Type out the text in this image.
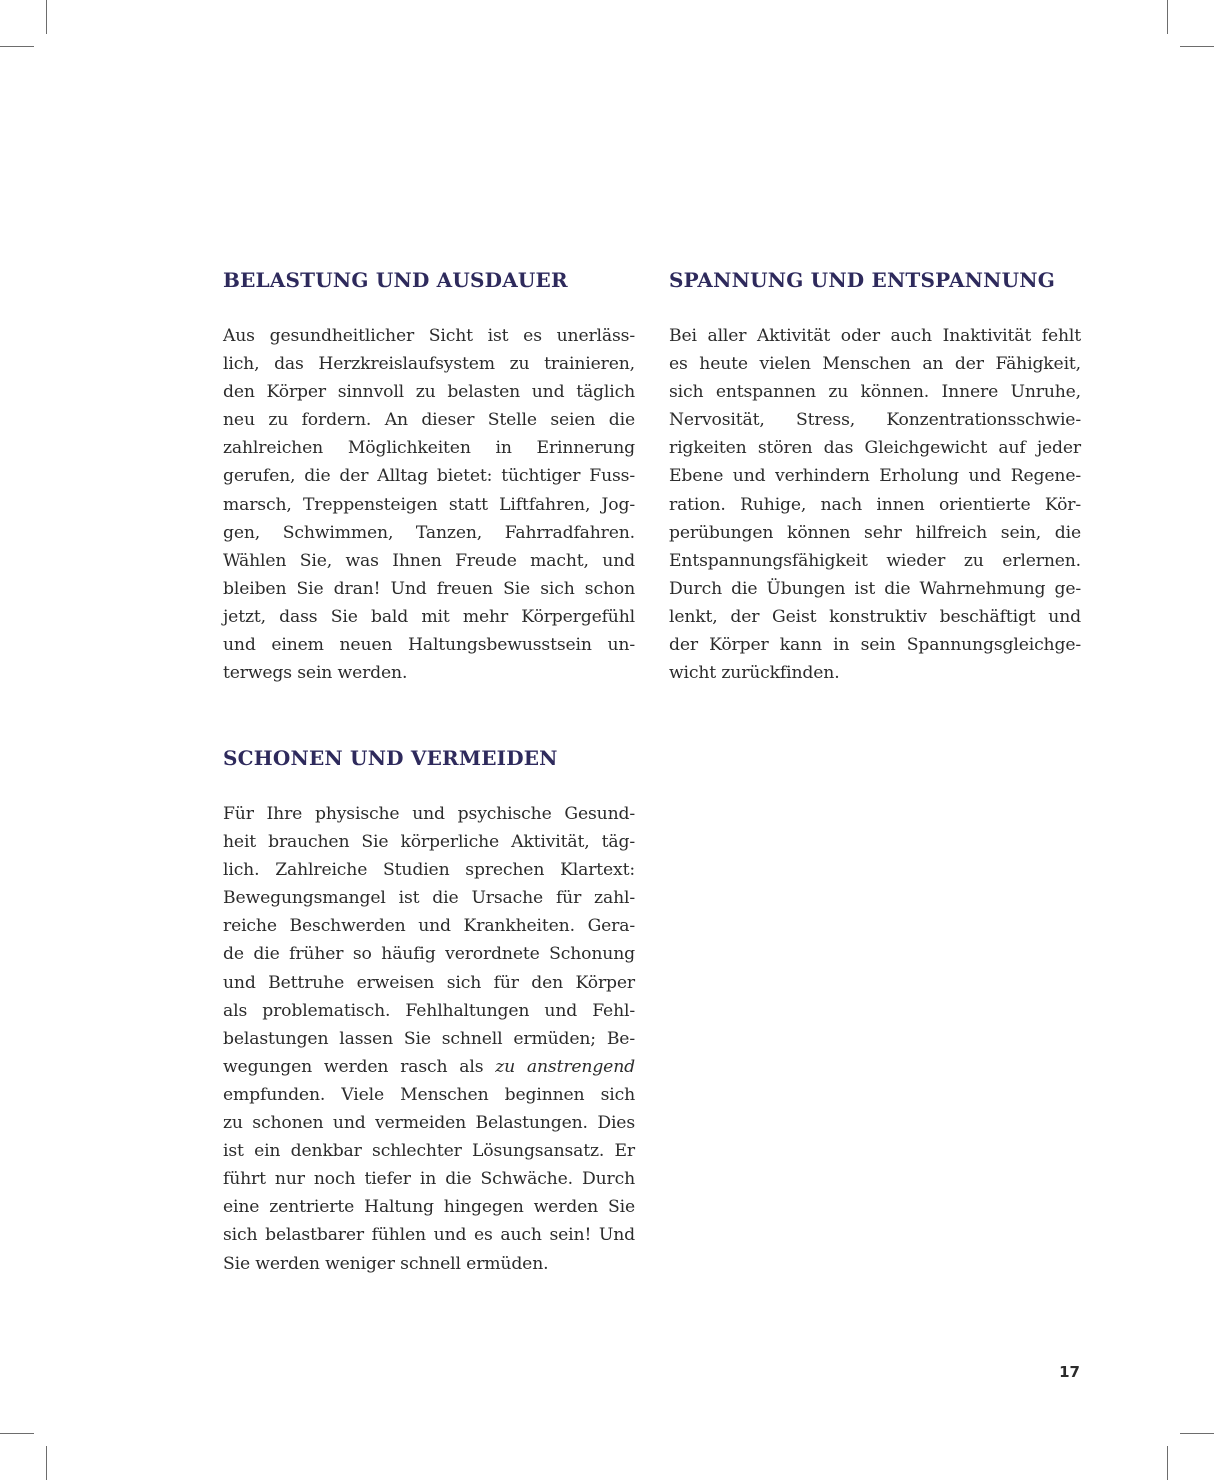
BELASTUNG UND AUSDAUER

Aus gesundheitlicher Sicht ist es unerläss-
lich, das Herzkreislaufsystem zu trainieren,
den Körper sinnvoll zu belasten und täglich
neu zu fordern. An dieser Stelle seien die
zahlreichen Möglichkeiten in Erinnerung
gerufen, die der Alltag bietet: tüchtiger Fuss-
marsch, Treppensteigen statt Liftfahren, Jog-
gen, Schwimmen, Tanzen, Fahrradfahren.
Wählen Sie, was Ihnen Freude macht, und
bleiben Sie dran! Und freuen Sie sich schon
jetzt, dass Sie bald mit mehr Körpergefühl
und einem neuen Haltungsbewusstsein un-
terwegs sein werden.

SPANNUNG UND ENTSPANNUNG

Bei aller Aktivität oder auch Inaktivität fehlt
es heute vielen Menschen an der Fähigkeit,
sich entspannen zu können. Innere Unruhe,
Nervosität, Stress, Konzentrationsschwie-
rigkeiten stören das Gleichgewicht auf jeder
Ebene und verhindern Erholung und Regene-
ration. Ruhige, nach innen orientierte Kör-
perübungen können sehr hilfreich sein, die
Entspannungsfähigkeit wieder zu erlernen.
Durch die Übungen ist die Wahrnehmung ge-
lenkt, der Geist konstruktiv beschäftigt und
der Körper kann in sein Spannungsgleichge-
wicht zurückfinden.

SCHONEN UND VERMEIDEN

Für Ihre physische und psychische Gesund-
heit brauchen Sie körperliche Aktivität, täg-
lich. Zahlreiche Studien sprechen Klartext:
Bewegungsmangel ist die Ursache für zahl-
reiche Beschwerden und Krankheiten. Gera-
de die früher so häufig verordnete Schonung
und Bettruhe erweisen sich für den Körper
als problematisch. Fehlhaltungen und Fehl-
belastungen lassen Sie schnell ermüden; Be-
wegungen werden rasch als zu anstrengend
empfunden. Viele Menschen beginnen sich
zu schonen und vermeiden Belastungen. Dies
ist ein denkbar schlechter Lösungsansatz. Er
führt nur noch tiefer in die Schwäche. Durch
eine zentrierte Haltung hingegen werden Sie
sich belastbarer fühlen und es auch sein! Und
Sie werden weniger schnell ermüden.

17
